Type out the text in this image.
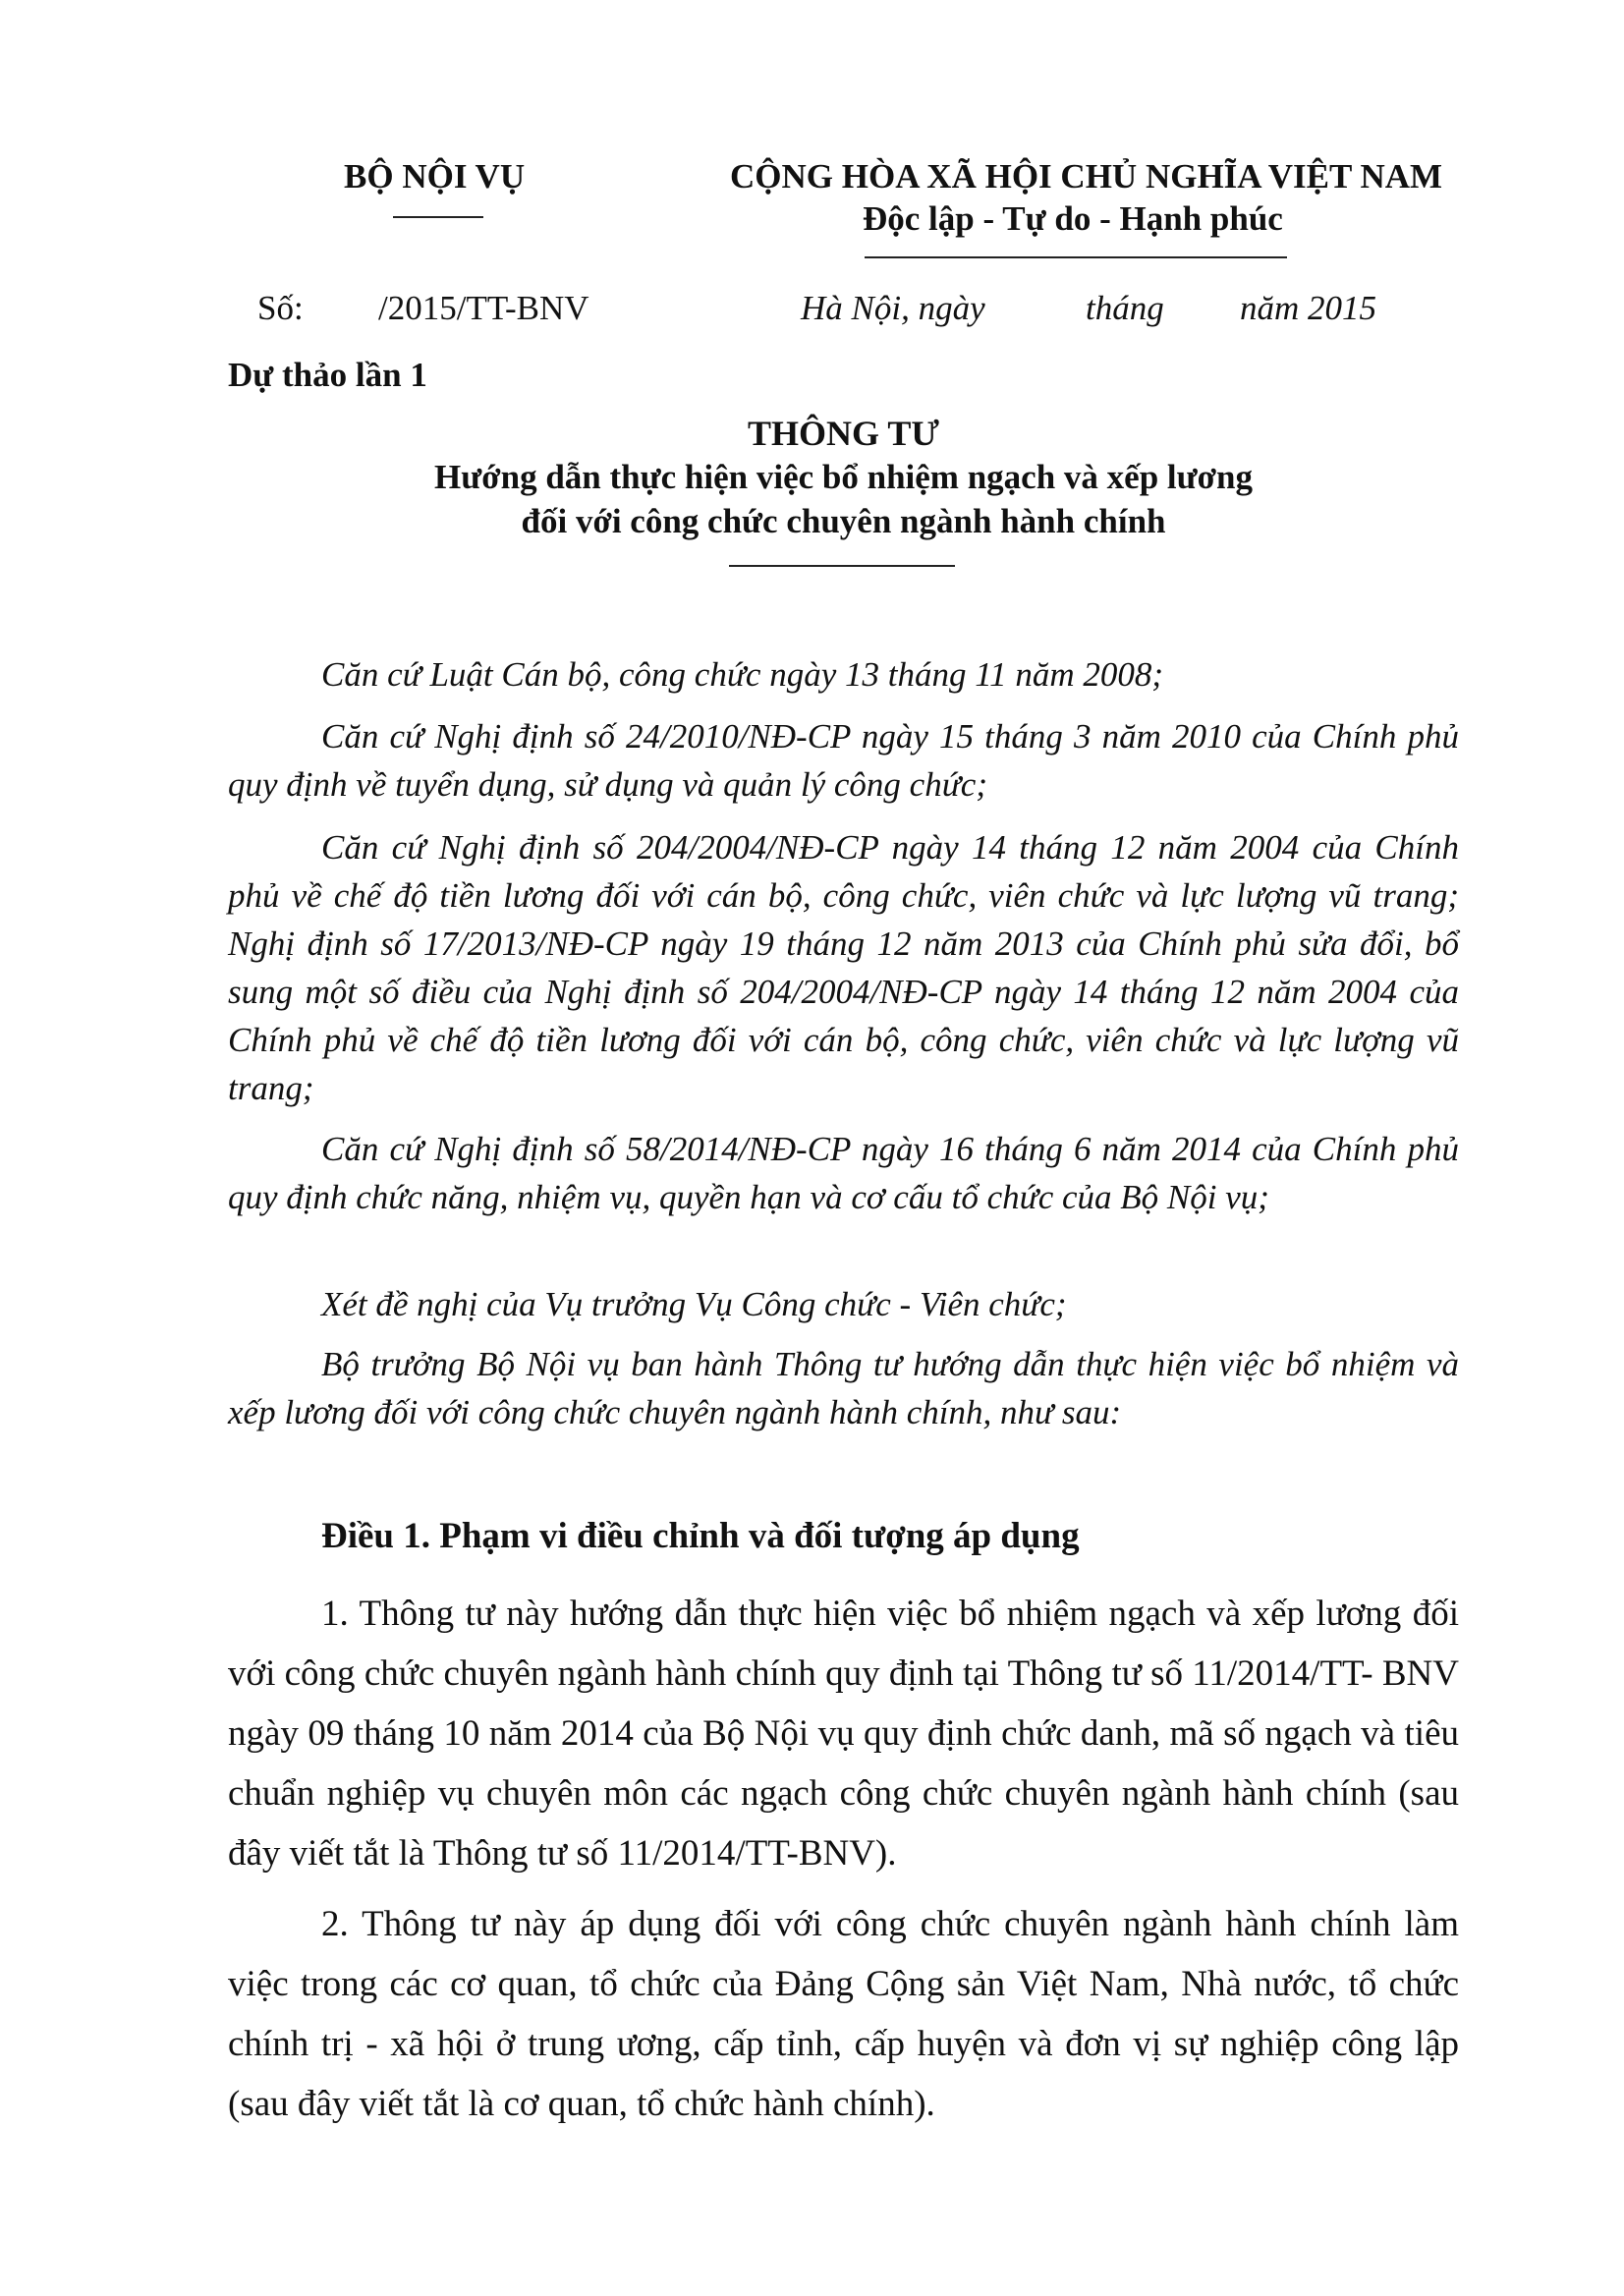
BỘ NỘI VỤ	CỘNG HÒA XÃ HỘI CHỦ NGHĨA VIỆT NAM
Độc lập - Tự do - Hạnh phúc
Số: /2015/TT-BNV	Hà Nội, ngày	tháng năm 2015
Dự thảo lần 1
THÔNG TƯ
Hướng dẫn thực hiện việc bổ nhiệm ngạch và xếp lương
đối với công chức chuyên ngành hành chính

Căn cứ Luật Cán bộ, công chức ngày 13 tháng 11 năm 2008;

Căn cứ Nghị định số 24/2010/NĐ-CP ngày 15 tháng 3 năm 2010 của Chính phủ quy định về tuyển dụng, sử dụng và quản lý công chức;

Căn cứ Nghị định số 204/2004/NĐ-CP ngày 14 tháng 12 năm 2004 của Chính phủ về chế độ tiền lương đối với cán bộ, công chức, viên chức và lực lượng vũ trang; Nghị định số 17/2013/NĐ-CP ngày 19 tháng 12 năm 2013 của Chính phủ sửa đổi, bổ sung một số điều của Nghị định số 204/2004/NĐ-CP ngày 14 tháng 12 năm 2004 của Chính phủ về chế độ tiền lương đối với cán bộ, công chức, viên chức và lực lượng vũ trang;

Căn cứ Nghị định số 58/2014/NĐ-CP ngày 16 tháng 6 năm 2014 của Chính phủ quy định chức năng, nhiệm vụ, quyền hạn và cơ cấu tổ chức của Bộ Nội vụ;

Xét đề nghị của Vụ trưởng Vụ Công chức - Viên chức;

Bộ trưởng Bộ Nội vụ ban hành Thông tư hướng dẫn thực hiện việc bổ nhiệm và xếp lương đối với công chức chuyên ngành hành chính, như sau:

Điều 1. Phạm vi điều chỉnh và đối tượng áp dụng

1. Thông tư này hướng dẫn thực hiện việc bổ nhiệm ngạch và xếp lương đối với công chức chuyên ngành hành chính quy định tại Thông tư số 11/2014/TT- BNV ngày 09 tháng 10 năm 2014 của Bộ Nội vụ quy định chức danh, mã số ngạch và tiêu chuẩn nghiệp vụ chuyên môn các ngạch công chức chuyên ngành hành chính (sau đây viết tắt là Thông tư số 11/2014/TT-BNV).

2. Thông tư này áp dụng đối với công chức chuyên ngành hành chính làm việc trong các cơ quan, tổ chức của Đảng Cộng sản Việt Nam, Nhà nước, tổ chức chính trị - xã hội ở trung ương, cấp tỉnh, cấp huyện và đơn vị sự nghiệp công lập (sau đây viết tắt là cơ quan, tổ chức hành chính).
